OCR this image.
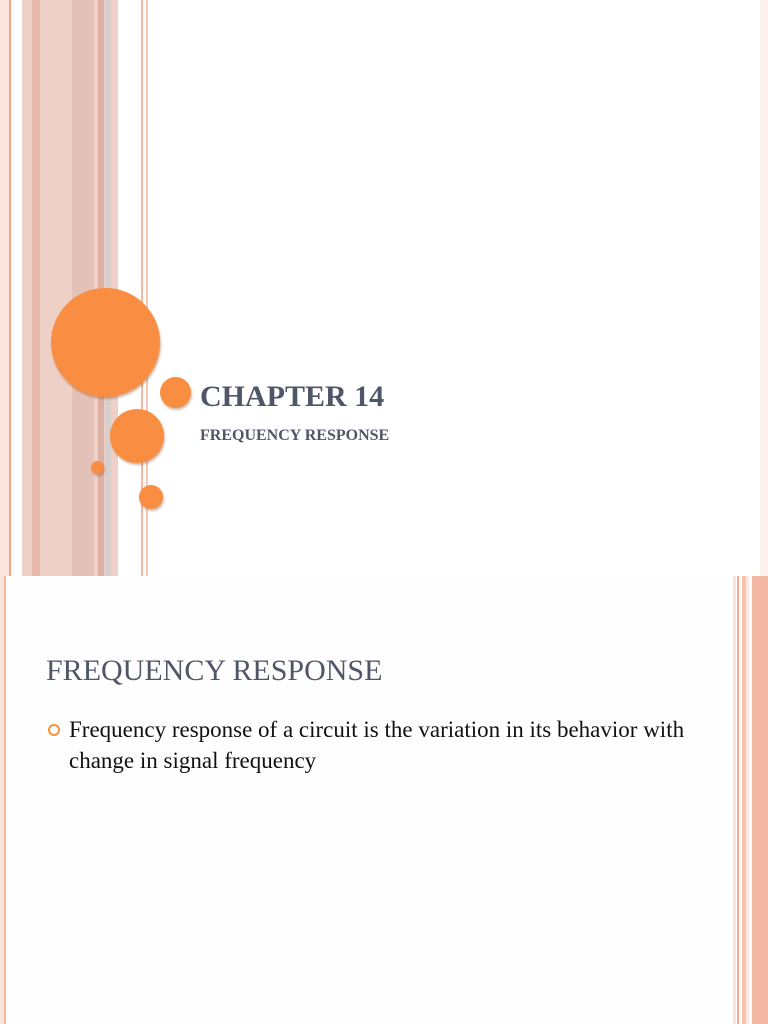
CHAPTER 14
FREQUENCY RESPONSE
FREQUENCY RESPONSE
Frequency response of a circuit is the variation in its behavior with change in signal frequency
